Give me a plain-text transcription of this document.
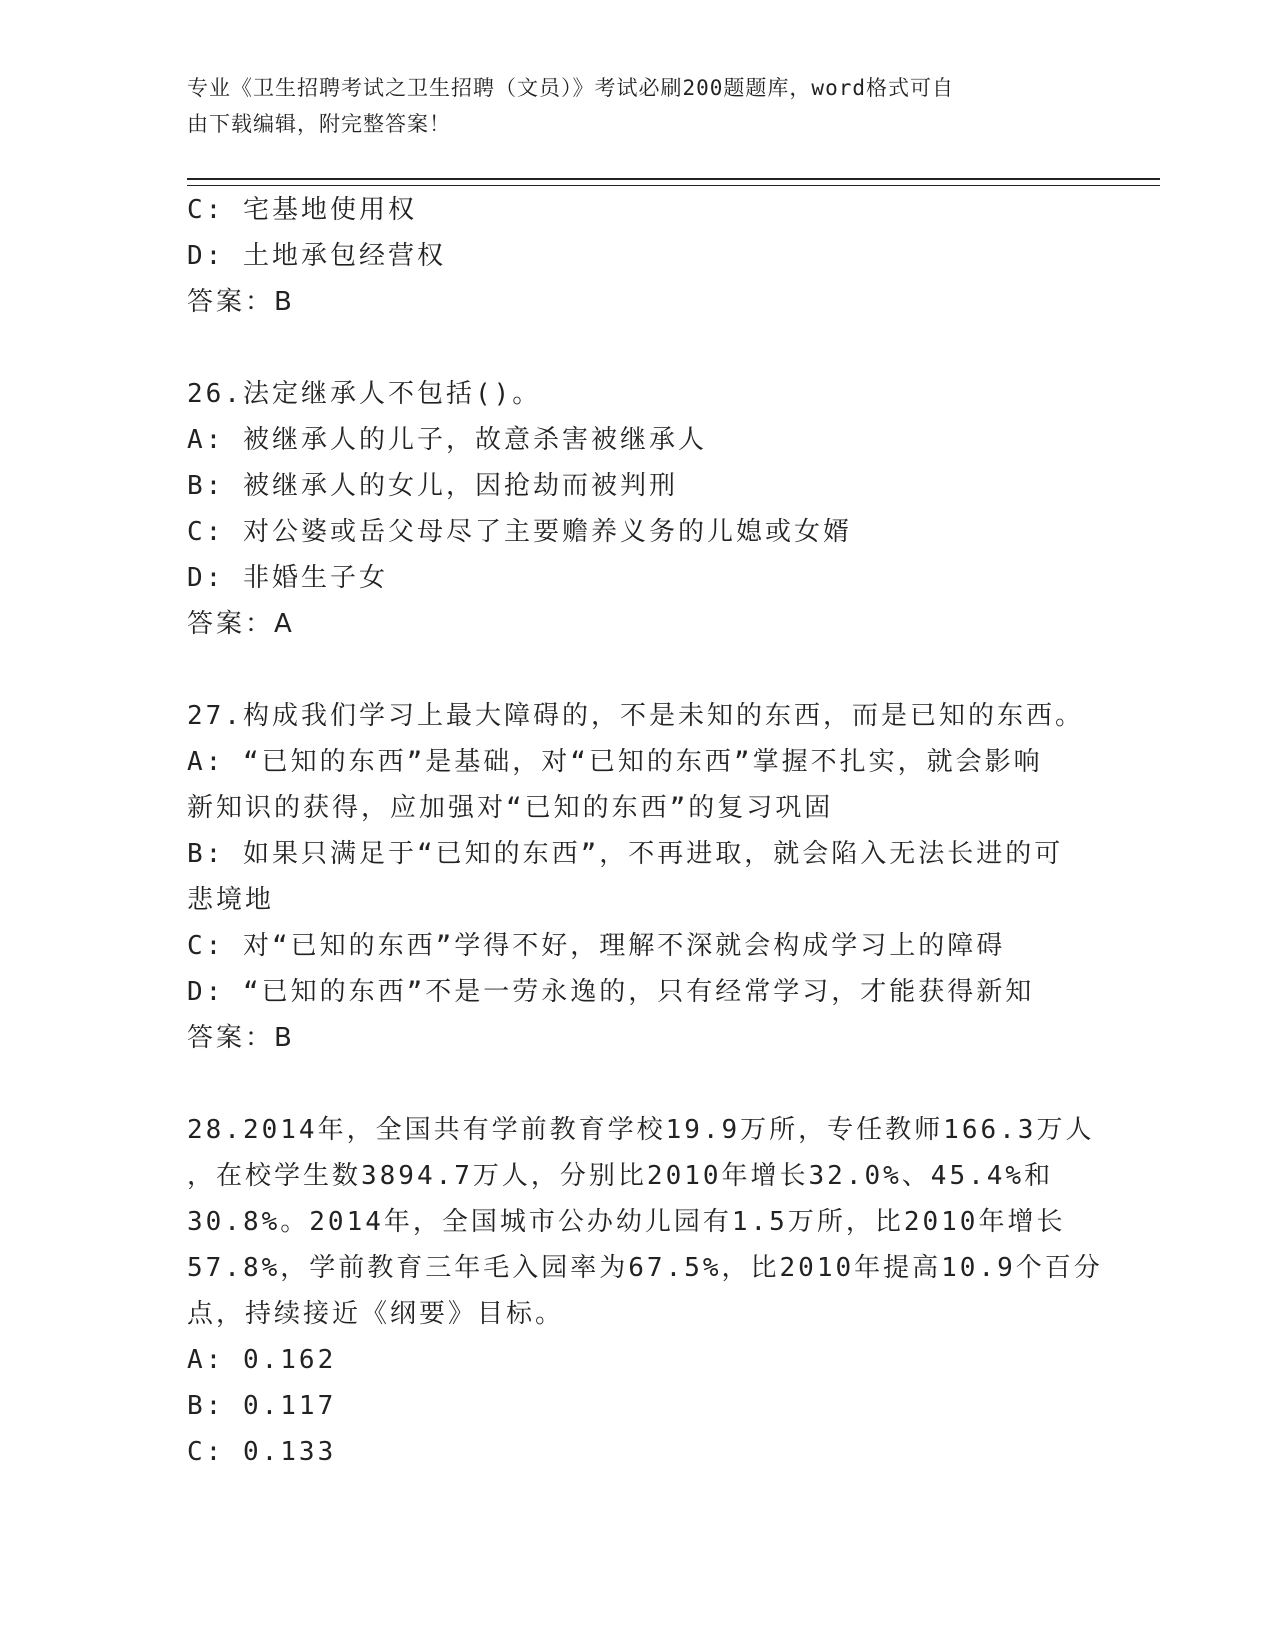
专业《卫生招聘考试之卫生招聘（文员）》考试必刷200题题库，word格式可自
由下载编辑，附完整答案！
C: 宅基地使用权
D: 土地承包经营权
答案：B
26.法定继承人不包括()。
A: 被继承人的儿子，故意杀害被继承人
B: 被继承人的女儿，因抢劫而被判刑
C: 对公婆或岳父母尽了主要赡养义务的儿媳或女婿
D: 非婚生子女
答案：A
27.构成我们学习上最大障碍的，不是未知的东西，而是已知的东西。
A: “已知的东西”是基础，对“已知的东西”掌握不扎实，就会影响
新知识的获得，应加强对“已知的东西”的复习巩固
B: 如果只满足于“已知的东西”，不再进取，就会陷入无法长进的可
悲境地
C: 对“已知的东西”学得不好，理解不深就会构成学习上的障碍
D: “已知的东西”不是一劳永逸的，只有经常学习，才能获得新知
答案：B
28.2014年，全国共有学前教育学校19.9万所，专任教师166.3万人
，在校学生数3894.7万人，分别比2010年增长32.0%、45.4%和
30.8%。2014年，全国城市公办幼儿园有1.5万所，比2010年增长
57.8%，学前教育三年毛入园率为67.5%，比2010年提高10.9个百分
点，持续接近《纲要》目标。
A: 0.162
B: 0.117
C: 0.133
